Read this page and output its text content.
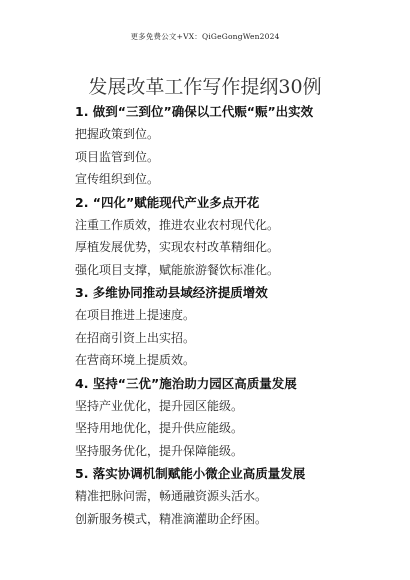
更多免费公文+VX：QiGeGongWen2024
发展改革工作写作提纲30例
1. 做到“三到位”确保以工代赈“赈”出实效
把握政策到位。
项目监管到位。
宣传组织到位。
2. “四化”赋能现代产业多点开花
注重工作质效，推进农业农村现代化。
厚植发展优势，实现农村改革精细化。
强化项目支撑，赋能旅游餐饮标准化。
3. 多维协同推动县域经济提质增效
在项目推进上提速度。
在招商引资上出实招。
在营商环境上提质效。
4. 坚持“三优”施治助力园区高质量发展
坚持产业优化，提升园区能级。
坚持用地优化，提升供应能级。
坚持服务优化，提升保障能级。
5. 落实协调机制赋能小微企业高质量发展
精准把脉问需，畅通融资源头活水。
创新服务模式，精准滴灌助企纾困。
